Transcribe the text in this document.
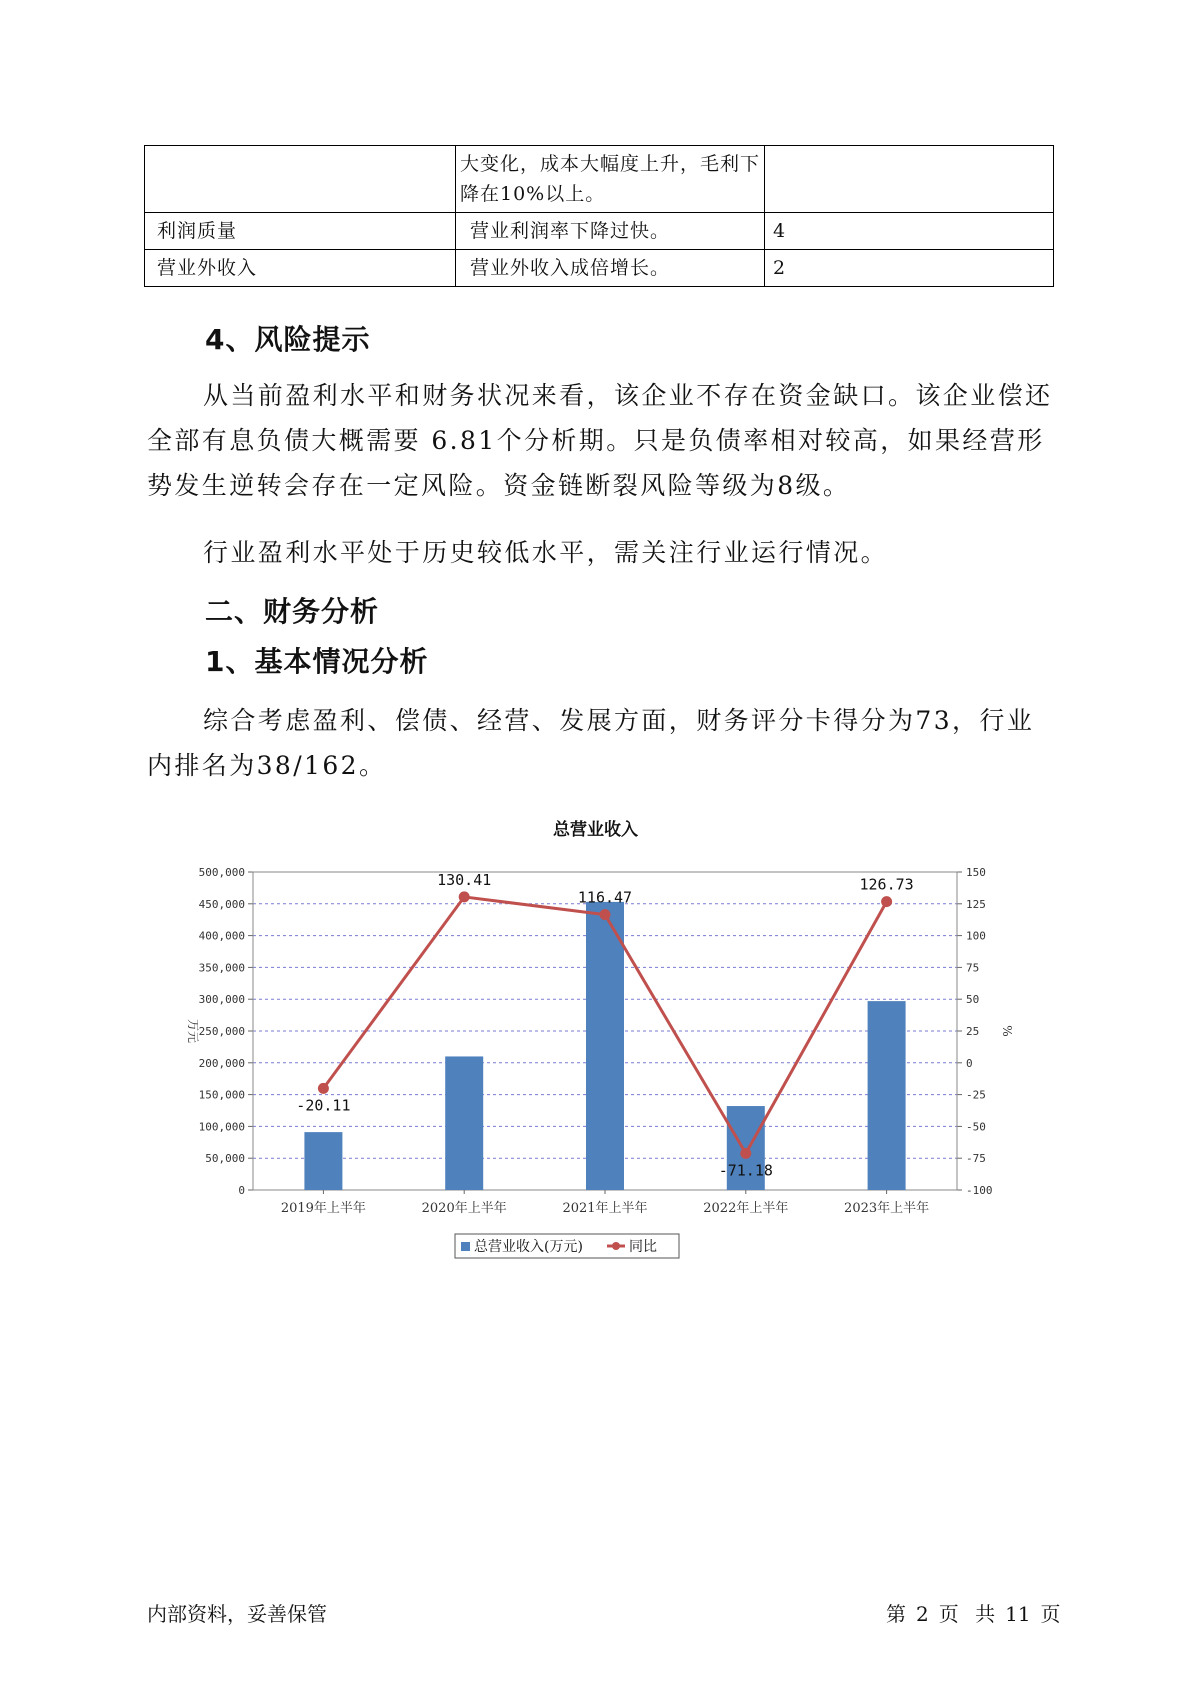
	大变化，成本大幅度上升，毛利下降在10%以上。	
利润质量	营业利润率下降过快。	4
营业外收入	营业外收入成倍增长。	2
4、风险提示
从当前盈利水平和财务状况来看，该企业不存在资金缺口。该企业偿还全部有息负债大概需要 6.81个分析期。只是负债率相对较高，如果经营形势发生逆转会存在一定风险。资金链断裂风险等级为8级。
行业盈利水平处于历史较低水平，需关注行业运行情况。
二、财务分析
1、基本情况分析
综合考虑盈利、偿债、经营、发展方面，财务评分卡得分为73，行业内排名为38/162。
总营业收入
0
50,000
100,000
150,000
200,000
250,000
300,000
350,000
400,000
450,000
500,000
-100
-75
-50
-25
0
25
50
75
100
125
150
-20.11
130.41
116.47
-71.18
126.73
2019年上半年	2020年上半年	2021年上半年	2022年上半年	2023年上半年
万元	%
总营业收入(万元)	同比
内部资料，妥善保管	第 2 页 共 11 页
